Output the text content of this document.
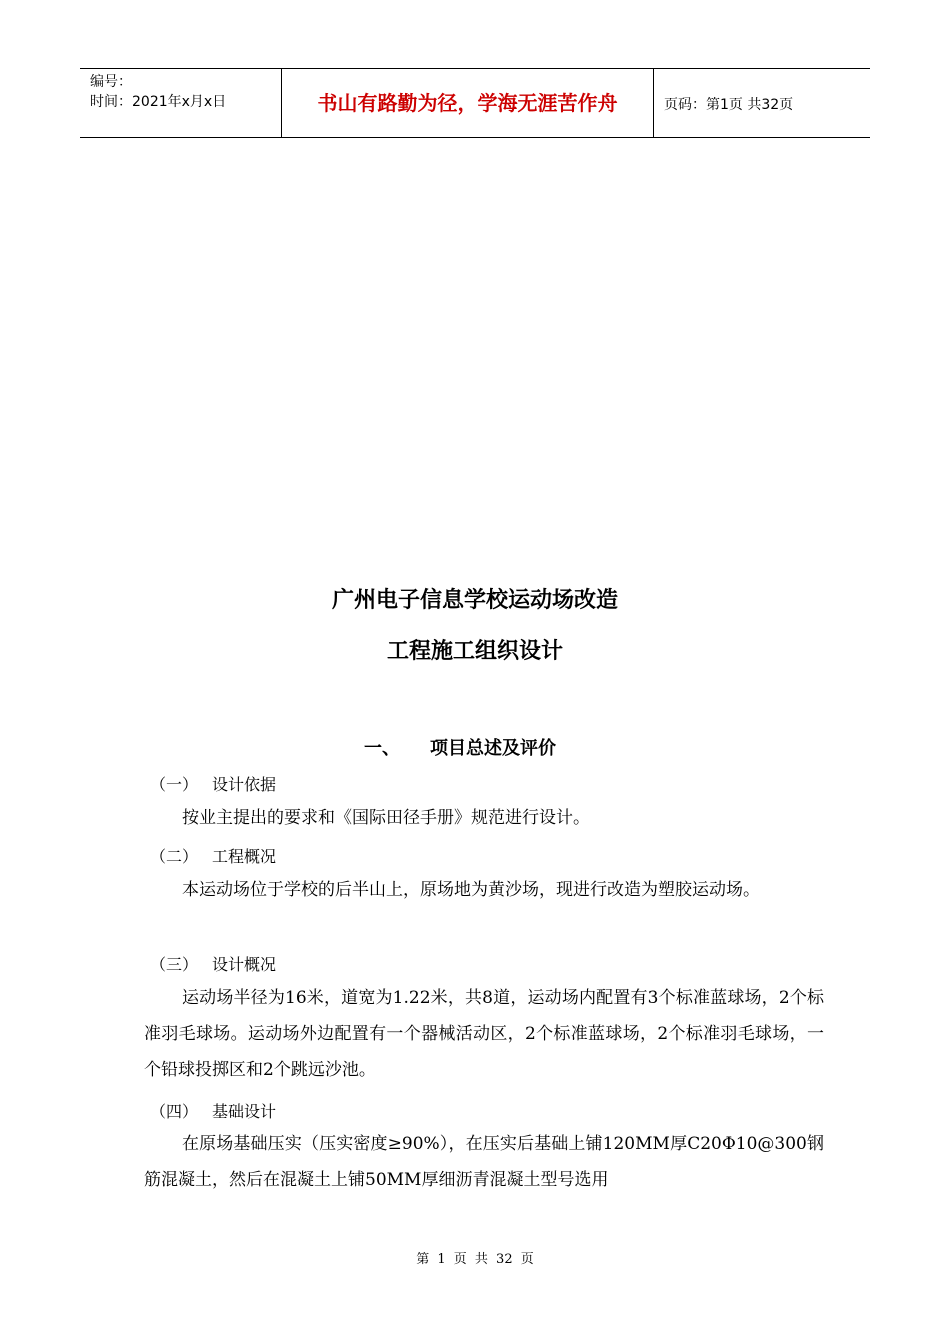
编号：
时间：2021年x月x日	书山有路勤为径，学海无涯苦作舟	页码：第1页 共32页
广州电子信息学校运动场改造
工程施工组织设计
一、 项目总述及评价
（一） 设计依据

按业主提出的要求和《国际田径手册》规范进行设计。

（二） 工程概况

本运动场位于学校的后半山上，原场地为黄沙场，现进行改造为塑胶运动场。

（三） 设计概况

运动场半径为16米，道宽为1.22米，共8道，运动场内配置有3个标准蓝球场，2个标准羽毛球场。运动场外边配置有一个器械活动区，2个标准蓝球场，2个标准羽毛球场，一个铅球投掷区和2个跳远沙池。

（四） 基础设计

在原场基础压实（压实密度≥90%），在压实后基础上铺120MM厚C20Φ10@300钢筋混凝土，然后在混凝土上铺50MM厚细沥青混凝土型号选用

第 1 页 共 32 页
